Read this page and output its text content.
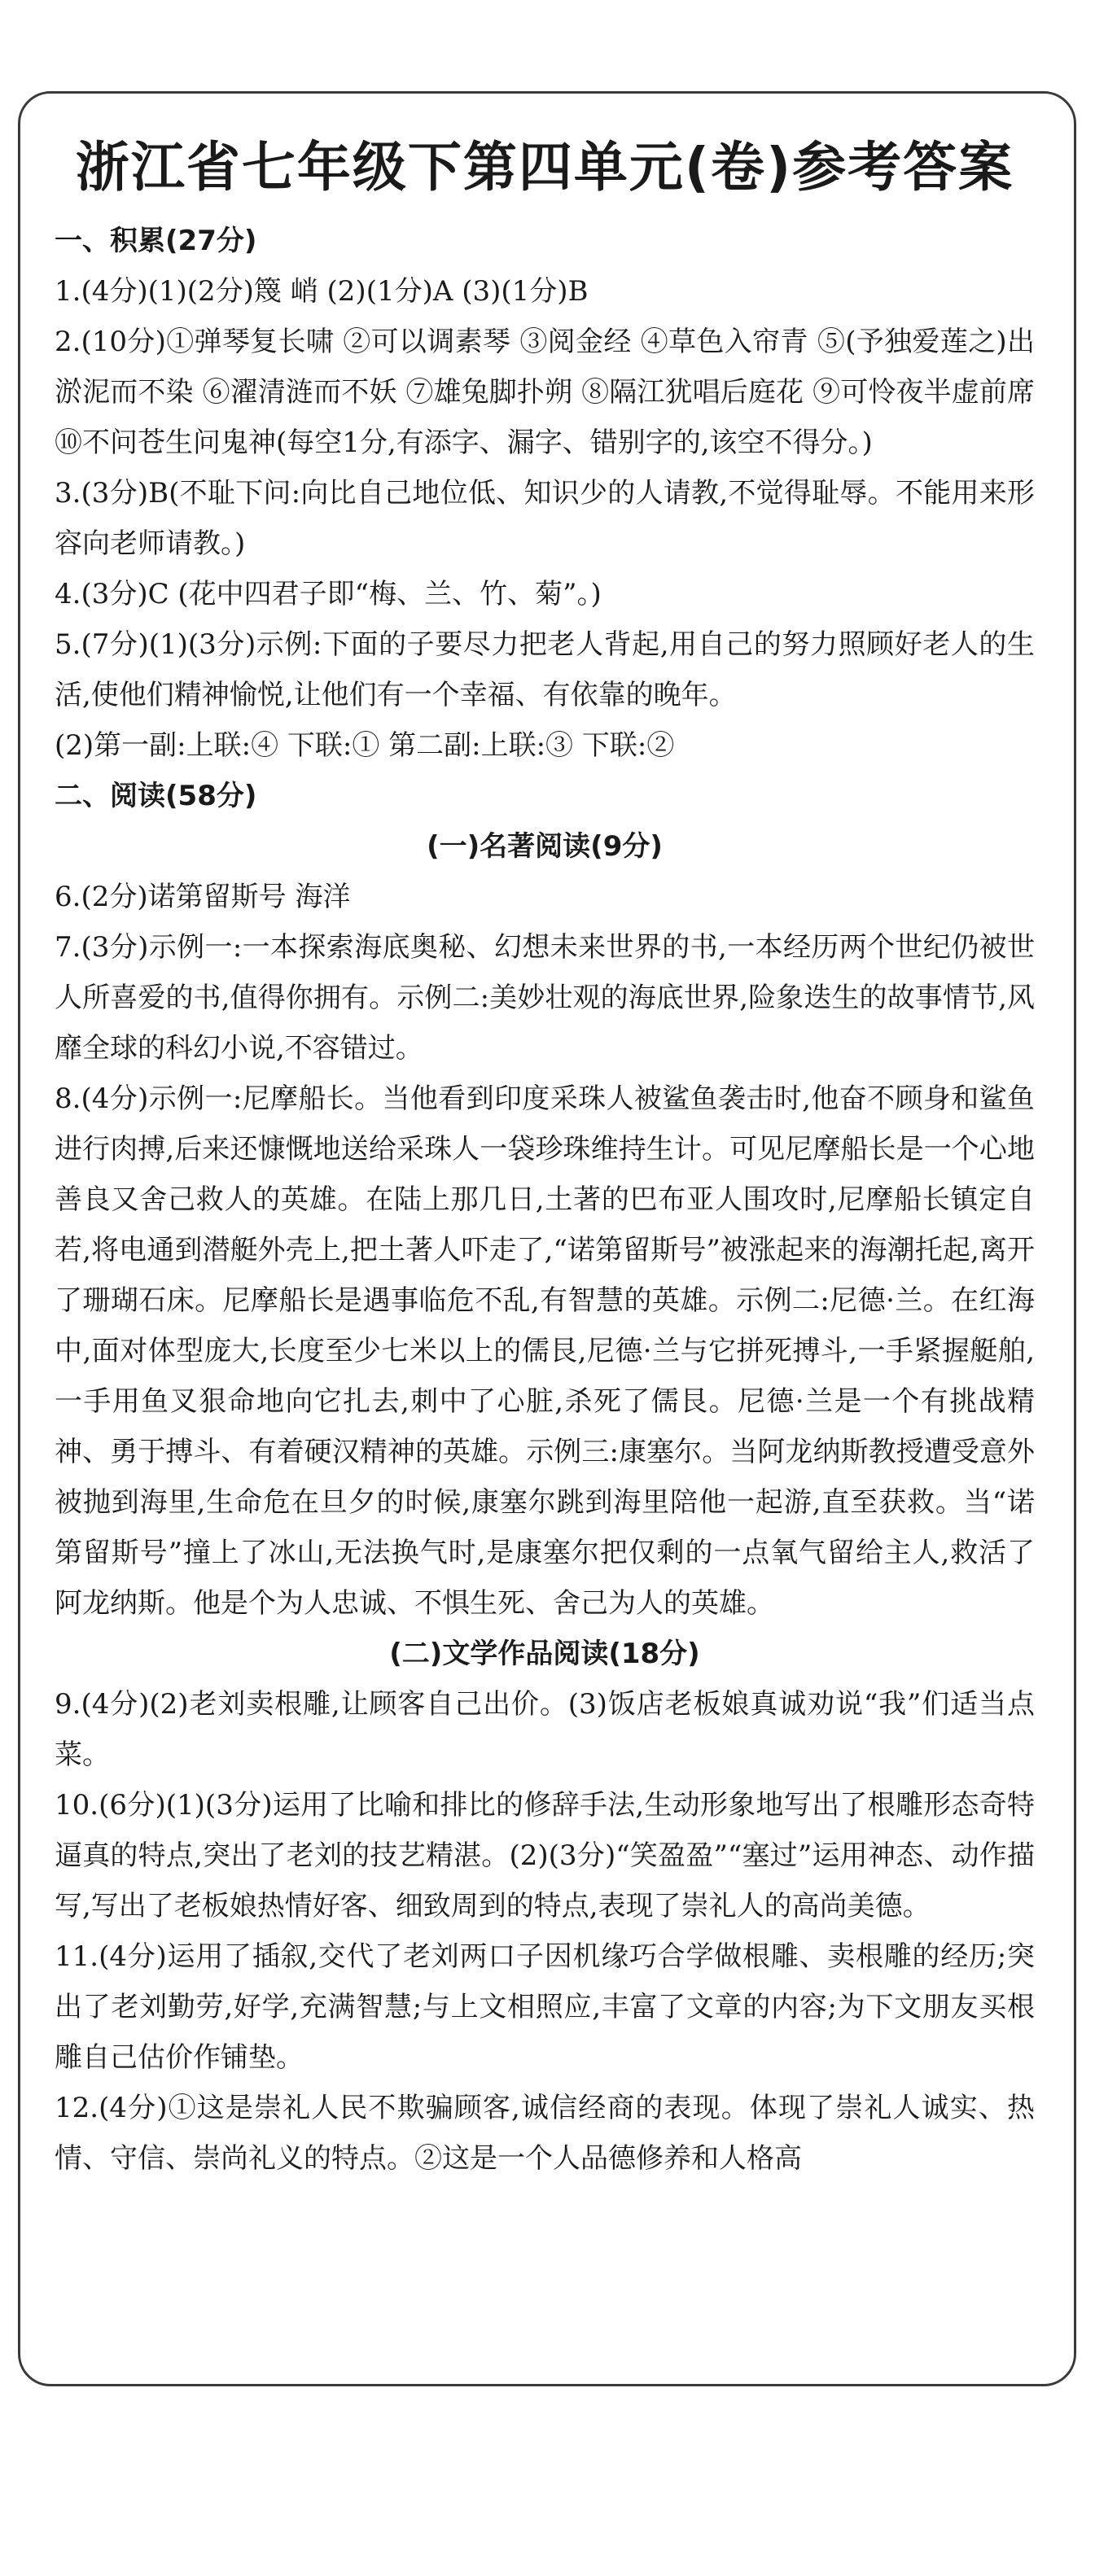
浙江省七年级下第四单元(卷)参考答案
一、积累(27分)

1.(4分)(1)(2分)篾 峭 (2)(1分)A (3)(1分)B

2.(10分)①弹琴复长啸 ②可以调素琴 ③阅金经 ④草色入帘青 ⑤(予独爱莲之)出淤泥而不染 ⑥濯清涟而不妖 ⑦雄兔脚扑朔 ⑧隔江犹唱后庭花 ⑨可怜夜半虚前席 ⑩不问苍生问鬼神(每空1分,有添字、漏字、错别字的,该空不得分。)

3.(3分)B(不耻下问:向比自己地位低、知识少的人请教,不觉得耻辱。不能用来形容向老师请教。)

4.(3分)C (花中四君子即“梅、兰、竹、菊”。)

5.(7分)(1)(3分)示例:下面的子要尽力把老人背起,用自己的努力照顾好老人的生活,使他们精神愉悦,让他们有一个幸福、有依靠的晚年。

(2)第一副:上联:④ 下联:① 第二副:上联:③ 下联:②

二、阅读(58分)
(一)名著阅读(9分)

6.(2分)诺第留斯号 海洋

7.(3分)示例一:一本探索海底奥秘、幻想未来世界的书,一本经历两个世纪仍被世人所喜爱的书,值得你拥有。示例二:美妙壮观的海底世界,险象迭生的故事情节,风靡全球的科幻小说,不容错过。

8.(4分)示例一:尼摩船长。当他看到印度采珠人被鲨鱼袭击时,他奋不顾身和鲨鱼进行肉搏,后来还慷慨地送给采珠人一袋珍珠维持生计。可见尼摩船长是一个心地善良又舍己救人的英雄。在陆上那几日,土著的巴布亚人围攻时,尼摩船长镇定自若,将电通到潜艇外壳上,把土著人吓走了,“诺第留斯号”被涨起来的海潮托起,离开了珊瑚石床。尼摩船长是遇事临危不乱,有智慧的英雄。示例二:尼德·兰。在红海中,面对体型庞大,长度至少七米以上的儒艮,尼德·兰与它拼死搏斗,一手紧握艇舶,一手用鱼叉狠命地向它扎去,刺中了心脏,杀死了儒艮。尼德·兰是一个有挑战精神、勇于搏斗、有着硬汉精神的英雄。示例三:康塞尔。当阿龙纳斯教授遭受意外被抛到海里,生命危在旦夕的时候,康塞尔跳到海里陪他一起游,直至获救。当“诺第留斯号”撞上了冰山,无法换气时,是康塞尔把仅剩的一点氧气留给主人,救活了阿龙纳斯。他是个为人忠诚、不惧生死、舍己为人的英雄。

(二)文学作品阅读(18分)

9.(4分)(2)老刘卖根雕,让顾客自己出价。(3)饭店老板娘真诚劝说“我”们适当点菜。

10.(6分)(1)(3分)运用了比喻和排比的修辞手法,生动形象地写出了根雕形态奇特逼真的特点,突出了老刘的技艺精湛。(2)(3分)“笑盈盈”“塞过”运用神态、动作描写,写出了老板娘热情好客、细致周到的特点,表现了崇礼人的高尚美德。

11.(4分)运用了插叙,交代了老刘两口子因机缘巧合学做根雕、卖根雕的经历;突出了老刘勤劳,好学,充满智慧;与上文相照应,丰富了文章的内容;为下文朋友买根雕自己估价作铺垫。

12.(4分)①这是崇礼人民不欺骗顾客,诚信经商的表现。体现了崇礼人诚实、热情、守信、崇尚礼义的特点。②这是一个人品德修养和人格高
